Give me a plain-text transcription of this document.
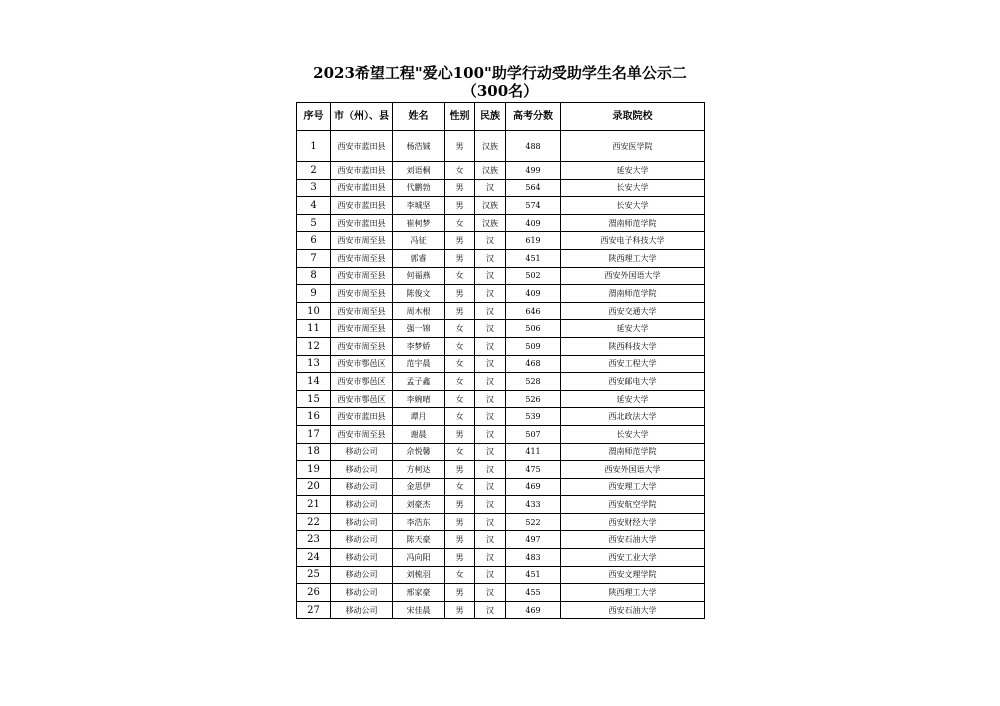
2023希望工程"爱心100"助学行动受助学生名单公示二
（300名）
序号	市（州）、县	姓名	性别	民族	高考分数	录取院校
1	西安市蓝田县	杨浩铖	男	汉族	488	西安医学院
2	西安市蓝田县	刘语桐	女	汉族	499	延安大学
3	西安市蓝田县	代鹏勃	男	汉	564	长安大学
4	西安市蓝田县	李城坚	男	汉族	574	长安大学
5	西安市蓝田县	崔柯梦	女	汉族	409	渭南师范学院
6	西安市周至县	冯征	男	汉	619	西安电子科技大学
7	西安市周至县	郭睿	男	汉	451	陕西理工大学
8	西安市周至县	何福燕	女	汉	502	西安外国语大学
9	西安市周至县	陈俊文	男	汉	409	渭南师范学院
10	西安市周至县	周木根	男	汉	646	西安交通大学
11	西安市周至县	强一锦	女	汉	506	延安大学
12	西安市周至县	李梦娇	女	汉	509	陕西科技大学
13	西安市鄠邑区	范宇晨	女	汉	468	西安工程大学
14	西安市鄠邑区	孟子鑫	女	汉	528	西安邮电大学
15	西安市鄠邑区	李婉晴	女	汉	526	延安大学
16	西安市蓝田县	谭月	女	汉	539	西北政法大学
17	西安市周至县	谢晨	男	汉	507	长安大学
18	移动公司	佘悦馨	女	汉	411	渭南师范学院
19	移动公司	方柯达	男	汉	475	西安外国语大学
20	移动公司	金思伊	女	汉	469	西安理工大学
21	移动公司	刘豪杰	男	汉	433	西安航空学院
22	移动公司	李浩东	男	汉	522	西安财经大学
23	移动公司	陈天豪	男	汉	497	西安石油大学
24	移动公司	冯向阳	男	汉	483	西安工业大学
25	移动公司	刘梳羽	女	汉	451	西安文理学院
26	移动公司	邢家豪	男	汉	455	陕西理工大学
27	移动公司	宋佳晨	男	汉	469	西安石油大学
